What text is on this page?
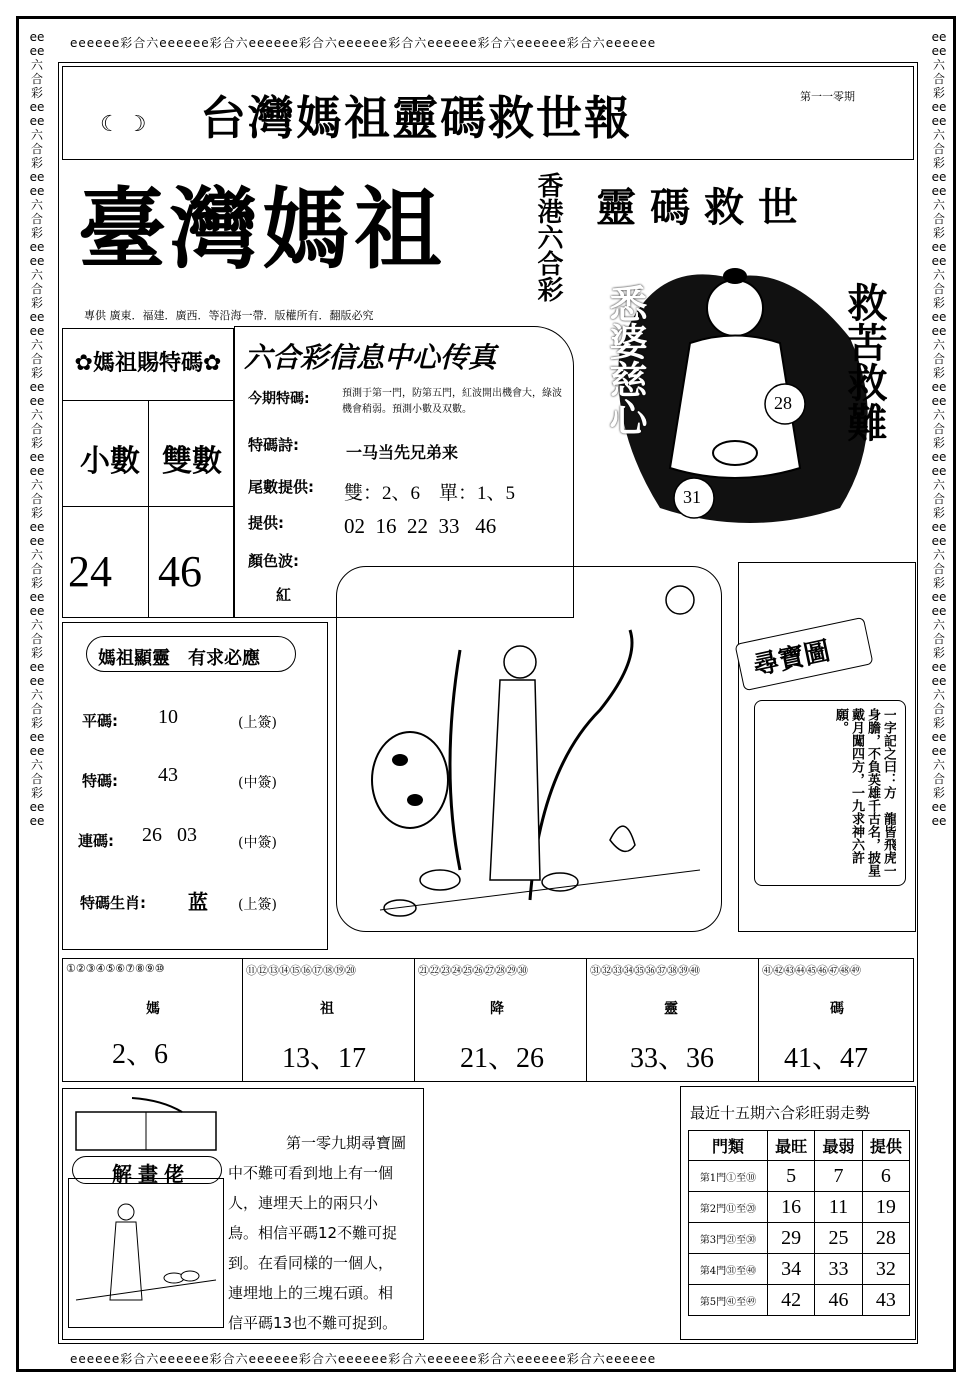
ееееее彩合六ееееее彩合六ееееее彩合六ееееее彩合六ееееее彩合六ееееее彩合六ееееее
ееееее彩合六ееееее彩合六ееееее彩合六ееееее彩合六ееееее彩合六ееееее彩合六ееееее
ееее六合彩ееее六合彩ееее六合彩ееее六合彩ееее六合彩ееее六合彩ееее六合彩ееее六合彩ееее六合彩ееее六合彩ееее六合彩ееее
ееее六合彩ееее六合彩ееее六合彩ееее六合彩ееее六合彩ееее六合彩ееее六合彩ееее六合彩ееее六合彩ееее六合彩ееее六合彩ееее
☾ ☽ 台灣媽祖靈碼救世報	第一一零期
臺灣媽祖	香港六合彩
專供 廣東．福建．廣西．等沿海一帶．版權所有．翻版必究
靈碼救世
悉婆慈心	救苦救難
28
31
✿媽祖賜特碼✿
小數 雙數
24 46
六合彩信息中心传真
今期特碼:	預測于第一門，防第五門，紅波開出機會大，綠波機會稍弱。預測小數及双數。
特碼詩:	一马当先兄弟来
尾數提供: 雙：2、6　單：1、5
提供:	02  16  22  33   46
顏色波:
紅
媽祖顯靈　有求必應
平碼: 10	(上簽)
特碼: 43	(中簽)
連碼: 26   03	(中簽)
特碼生肖: 蓝 (上簽)
尋寶圖
一字記之曰：方　龍皆飛虎一身膽，不負英雄千古名，披星戴月闖四方，一九求神六許願。
①②③④⑤⑥⑦⑧⑨⑩	⑪⑫⑬⑭⑮⑯⑰⑱⑲⑳	㉑㉒㉓㉔㉕㉖㉗㉘㉙㉚	㉛㉜㉝㉞㉟㊱㊲㊳㊴㊵	㊶㊷㊸㊹㊺㊻㊼㊽㊾
媽	祖	降	靈	碼
2、6	13、17	21、26	33、36 41、47
解畫佬
第一零九期尋寶圖中不難可看到地上有一個人，連埋天上的兩只小鳥。相信平碼12不難可捉到。在看同樣的一個人，連埋地上的三塊石頭。相信平碼13也不難可捉到。
最近十五期六合彩旺弱走勢
門類	最旺	最弱	提供
第1門①至⑩	5	7	6
第2門⑪至⑳	16	11	19
第3門㉑至㉚	29	25	28
第4門㉛至㊵	34	33	32
第5門㊶至㊾	42	46	43
